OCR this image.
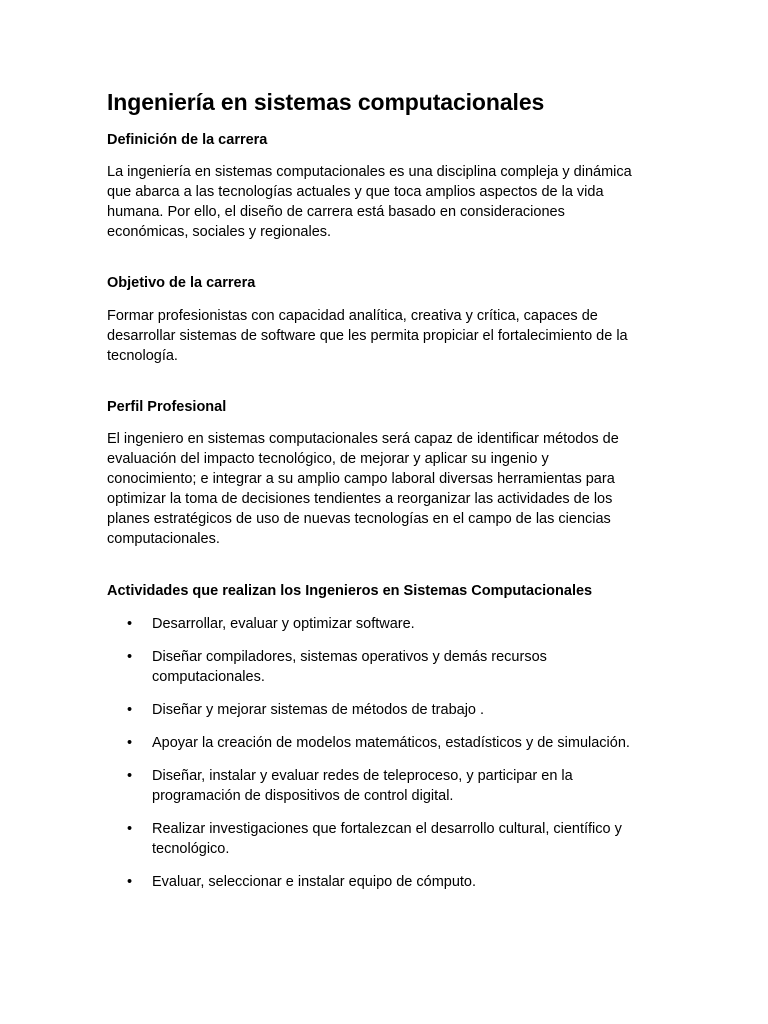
Ingeniería en sistemas computacionales
Definición de la carrera

La ingeniería en sistemas computacionales es una disciplina compleja y dinámica
que abarca a las tecnologías actuales y que toca amplios aspectos de la vida
humana. Por ello, el diseño de carrera está basado en consideraciones
económicas, sociales y regionales.

Objetivo de la carrera

Formar profesionistas con capacidad analítica, creativa y crítica, capaces de
desarrollar sistemas de software que les permita propiciar el fortalecimiento de la
tecnología.

Perfil Profesional

El ingeniero en sistemas computacionales será capaz de identificar métodos de
evaluación del impacto tecnológico, de mejorar y aplicar su ingenio y
conocimiento; e integrar a su amplio campo laboral diversas herramientas para
optimizar la toma de decisiones tendientes a reorganizar las actividades de los
planes estratégicos de uso de nuevas tecnologías en el campo de las ciencias
computacionales.

Actividades que realizan los Ingenieros en Sistemas Computacionales
• Desarrollar, evaluar y optimizar software.
• Diseñar compiladores, sistemas operativos y demás recursos
computacionales.
• Diseñar y mejorar sistemas de métodos de trabajo .
• Apoyar la creación de modelos matemáticos, estadísticos y de simulación.
• Diseñar, instalar y evaluar redes de teleproceso, y participar en la
programación de dispositivos de control digital.
• Realizar investigaciones que fortalezcan el desarrollo cultural, científico y
tecnológico.
• Evaluar, seleccionar e instalar equipo de cómputo.
